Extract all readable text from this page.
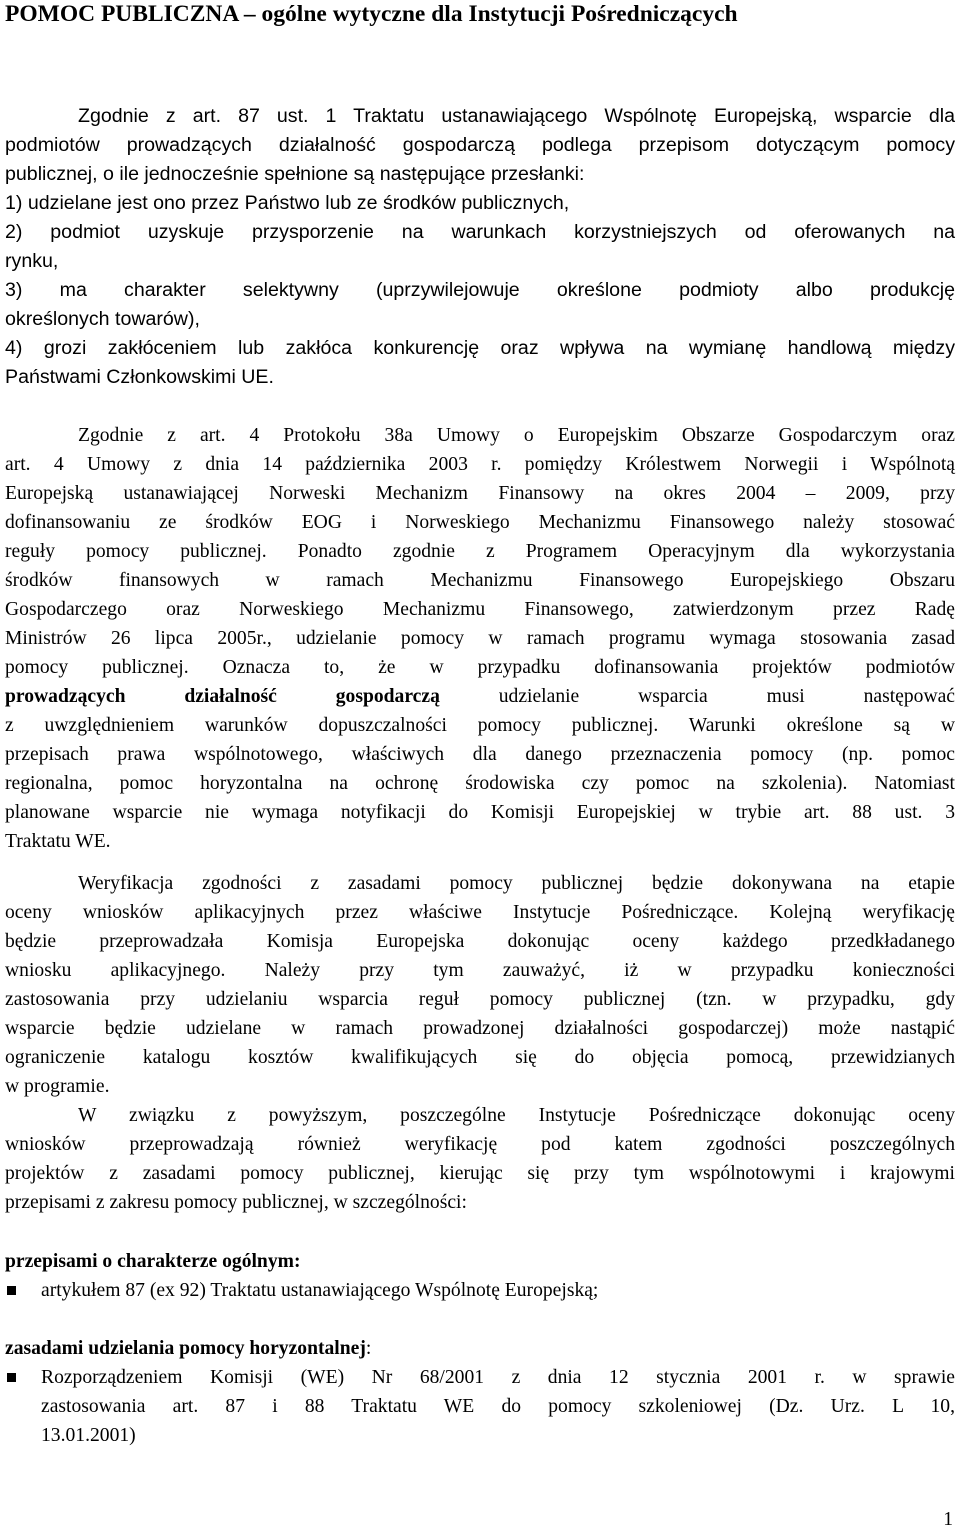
POMOC PUBLICZNA – ogólne wytyczne dla Instytucji Pośredniczących
Zgodnie z art. 87 ust. 1 Traktatu ustanawiającego Wspólnotę Europejską, wsparcie dla
podmiotów prowadzących działalność gospodarczą podlega przepisom dotyczącym pomocy
publicznej, o ile jednocześnie spełnione są następujące przesłanki:
1) udzielane jest ono przez Państwo lub ze środków publicznych,
2) podmiot uzyskuje przysporzenie na warunkach korzystniejszych od oferowanych na
rynku,
3) ma charakter selektywny (uprzywilejowuje określone podmioty albo produkcję
określonych towarów),
4) grozi zakłóceniem lub zakłóca konkurencję oraz wpływa na wymianę handlową między
Państwami Członkowskimi UE.
Zgodnie z art. 4 Protokołu 38a Umowy o Europejskim Obszarze Gospodarczym oraz
art. 4 Umowy z dnia 14 października 2003 r. pomiędzy Królestwem Norwegii i Wspólnotą
Europejską ustanawiającej Norweski Mechanizm Finansowy na okres 2004 – 2009, przy
dofinansowaniu ze środków EOG i Norweskiego Mechanizmu Finansowego należy stosować
reguły pomocy publicznej. Ponadto zgodnie z Programem Operacyjnym dla wykorzystania
środków finansowych w ramach Mechanizmu Finansowego Europejskiego Obszaru
Gospodarczego oraz Norweskiego Mechanizmu Finansowego, zatwierdzonym przez Radę
Ministrów 26 lipca 2005r., udzielanie pomocy w ramach programu wymaga stosowania zasad
pomocy publicznej. Oznacza to, że w przypadku dofinansowania projektów podmiotów
prowadzących działalność gospodarczą udzielanie wsparcia musi następować
z uwzględnieniem warunków dopuszczalności pomocy publicznej. Warunki określone są w
przepisach prawa wspólnotowego, właściwych dla danego przeznaczenia pomocy (np. pomoc
regionalna, pomoc horyzontalna na ochronę środowiska czy pomoc na szkolenia). Natomiast
planowane wsparcie nie wymaga notyfikacji do Komisji Europejskiej w trybie art. 88 ust. 3
Traktatu WE.
Weryfikacja zgodności z zasadami pomocy publicznej będzie dokonywana na etapie
oceny wniosków aplikacyjnych przez właściwe Instytucje Pośredniczące. Kolejną weryfikację
będzie przeprowadzała Komisja Europejska dokonując oceny każdego przedkładanego
wniosku aplikacyjnego. Należy przy tym zauważyć, iż w przypadku konieczności
zastosowania przy udzielaniu wsparcia reguł pomocy publicznej (tzn. w przypadku, gdy
wsparcie będzie udzielane w ramach prowadzonej działalności gospodarczej) może nastąpić
ograniczenie katalogu kosztów kwalifikujących się do objęcia pomocą, przewidzianych
w programie.
W związku z powyższym, poszczególne Instytucje Pośredniczące dokonując oceny
wniosków przeprowadzają również weryfikację pod katem zgodności poszczególnych
projektów z zasadami pomocy publicznej, kierując się przy tym wspólnotowymi i krajowymi
przepisami z zakresu pomocy publicznej, w szczególności:
przepisami o charakterze ogólnym:
artykułem 87 (ex 92) Traktatu ustanawiającego Wspólnotę Europejską;
zasadami udzielania pomocy horyzontalnej:
Rozporządzeniem Komisji (WE) Nr 68/2001 z dnia 12 stycznia 2001 r. w sprawie
zastosowania art. 87 i 88 Traktatu WE do pomocy szkoleniowej (Dz. Urz. L 10,
13.01.2001)
1
